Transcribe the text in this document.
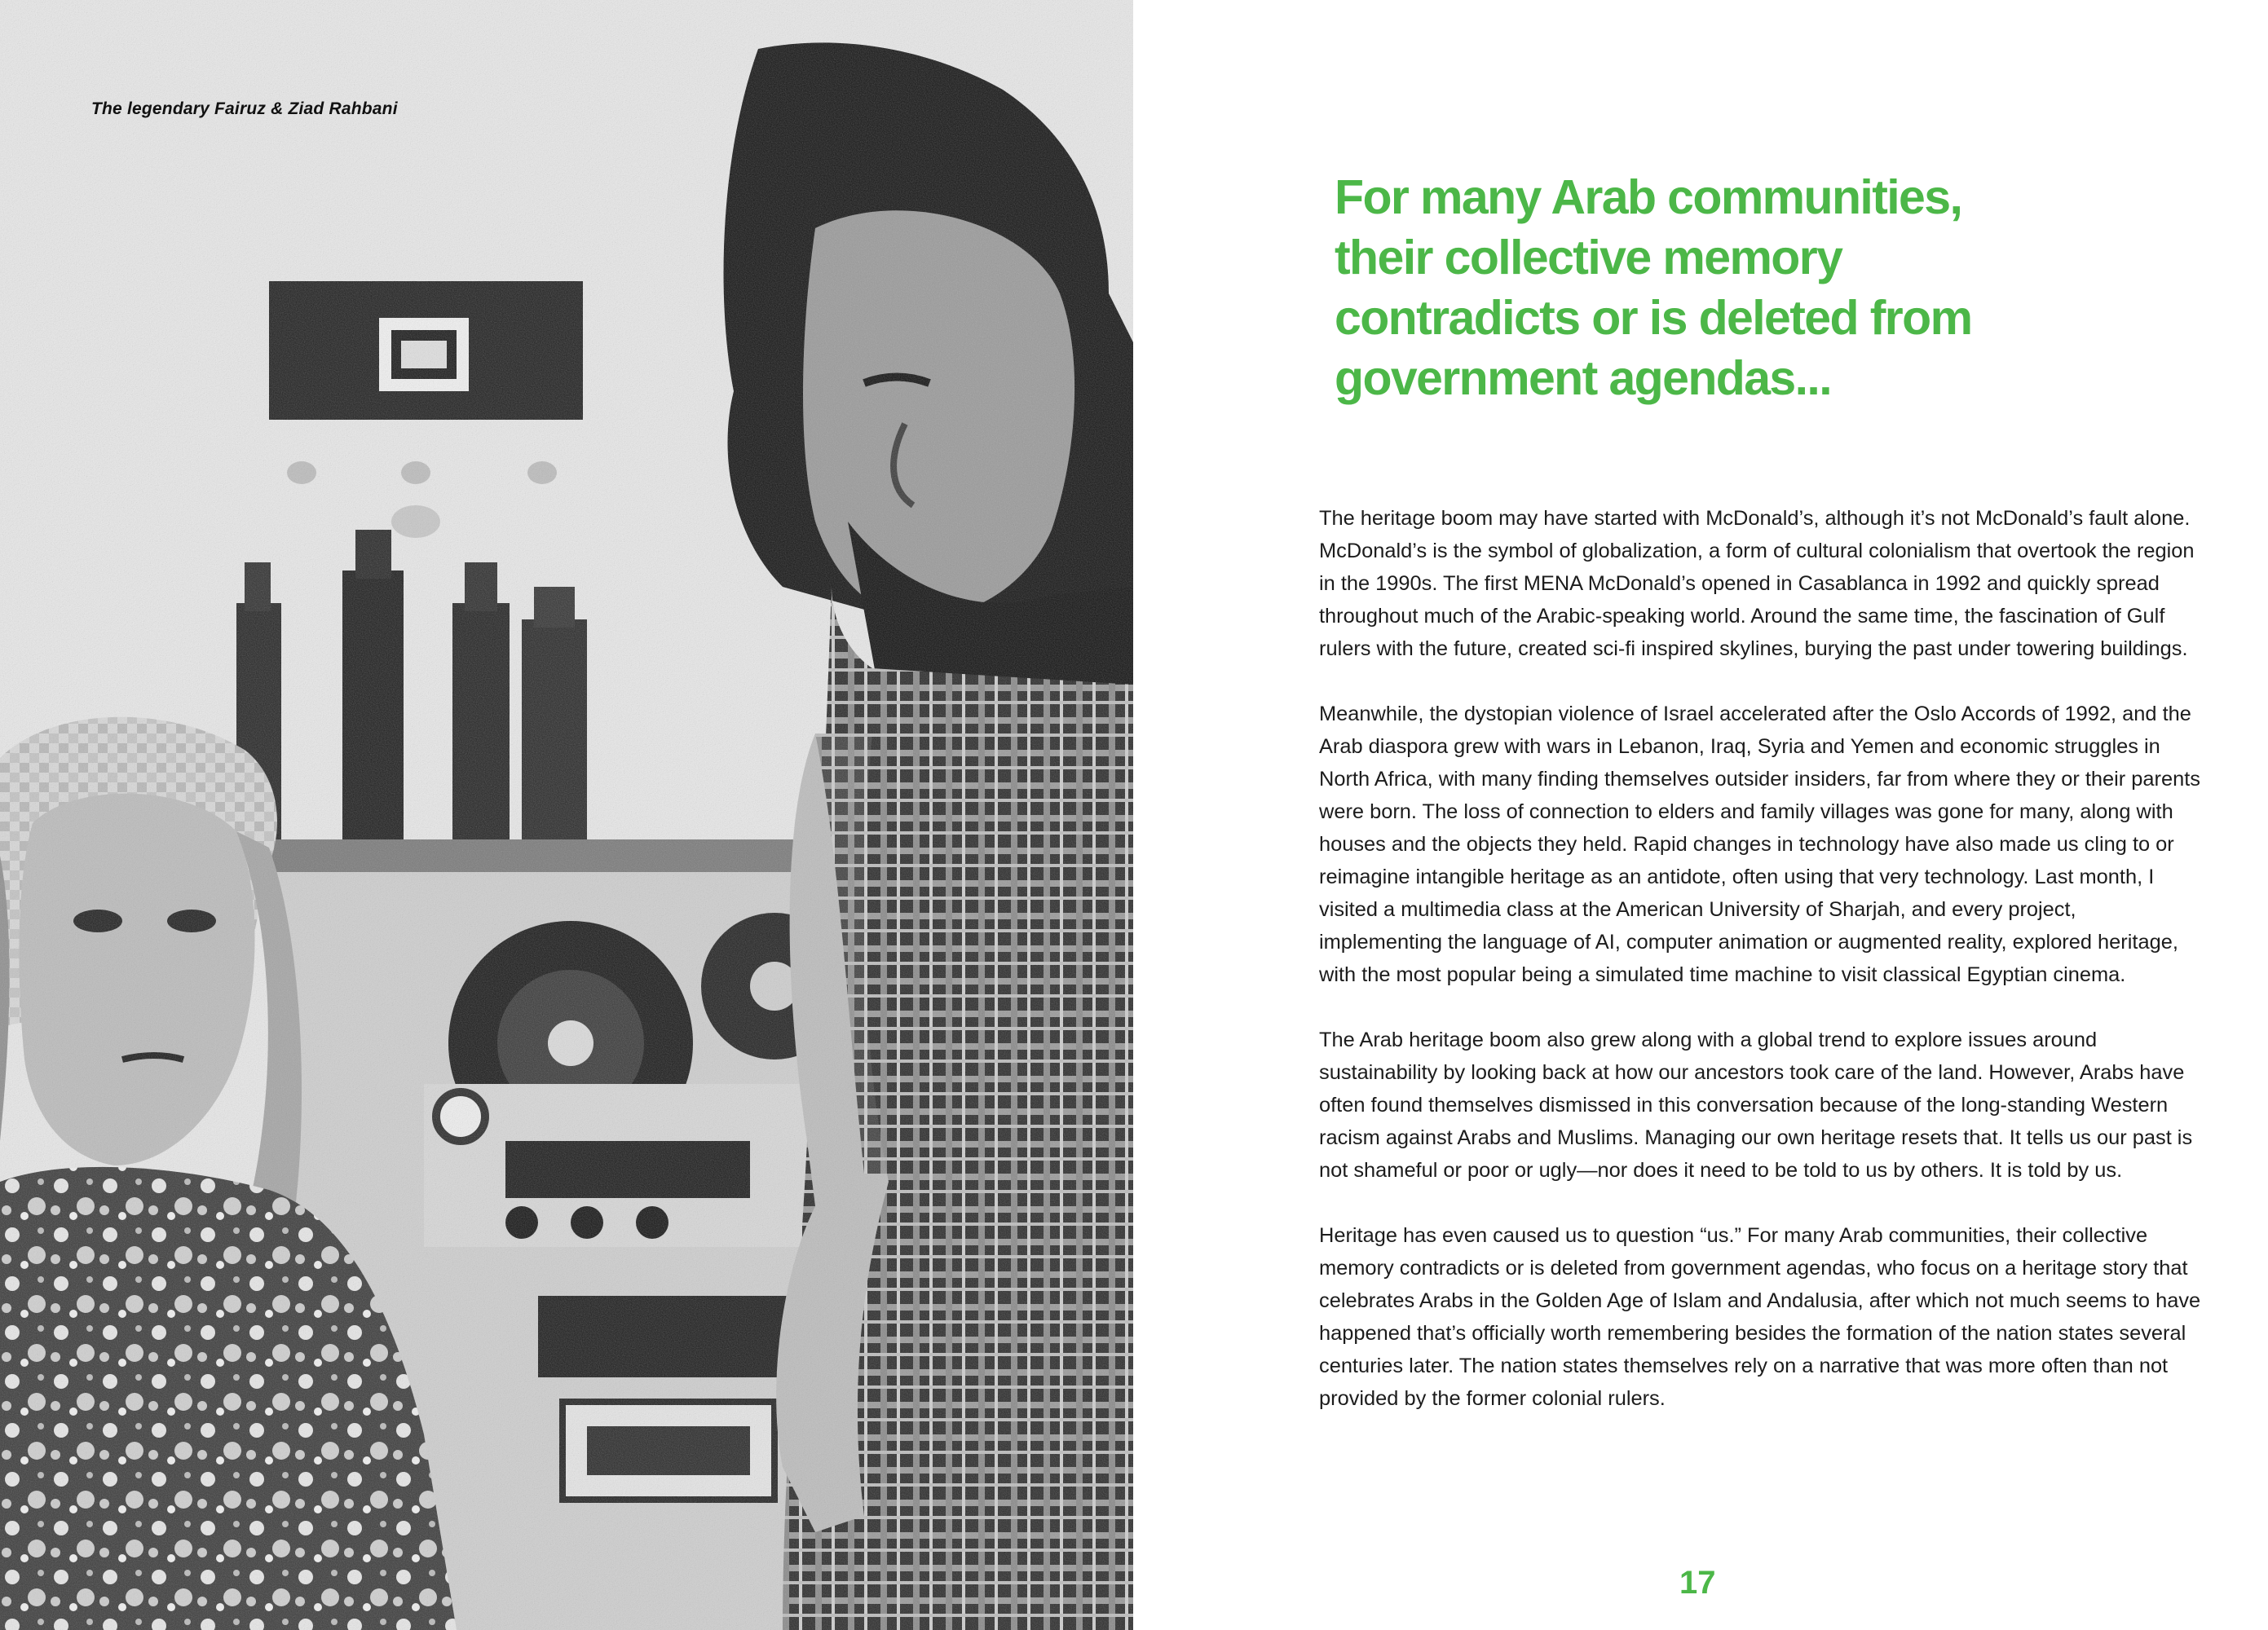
The legendary Fairuz & Ziad Rahbani
For many Arab communities,
their collective memory
contradicts or is deleted from
government agendas...

The heritage boom may have started with McDonald’s, although it’s not McDonald’s fault alone. McDonald’s is the symbol of globalization, a form of cultural colonialism that overtook the region in the 1990s. The first MENA McDonald’s opened in Casablanca in 1992 and quickly spread throughout much of the Arabic-speaking world. Around the same time, the fascination of Gulf rulers with the future, created sci-fi inspired skylines, burying the past under towering buildings.

Meanwhile, the dystopian violence of Israel accelerated after the Oslo Accords of 1992, and the Arab diaspora grew with wars in Lebanon, Iraq, Syria and Yemen and economic struggles in North Africa, with many finding themselves outsider insiders, far from where they or their parents were born. The loss of connection to elders and family villages was gone for many, along with houses and the objects they held. Rapid changes in technology have also made us cling to or reimagine intangible heritage as an antidote, often using that very technology. Last month, I visited a multimedia class at the American University of Sharjah, and every project, implementing the language of AI, computer animation or augmented reality, explored heritage, with the most popular being a simulated time machine to visit classical Egyptian cinema.

The Arab heritage boom also grew along with a global trend to explore issues around sustainability by looking back at how our ancestors took care of the land. However, Arabs have often found themselves dismissed in this conversation because of the long-standing Western racism against Arabs and Muslims. Managing our own heritage resets that. It tells us our past is not shameful or poor or ugly—nor does it need to be told to us by others. It is told by us.

Heritage has even caused us to question “us.” For many Arab communities, their collective memory contradicts or is deleted from government agendas, who focus on a heritage story that celebrates Arabs in the Golden Age of Islam and Andalusia, after which not much seems to have happened that’s officially worth remembering besides the formation of the nation states several centuries later. The nation states themselves rely on a narrative that was more often than not provided by the former colonial rulers.

17
